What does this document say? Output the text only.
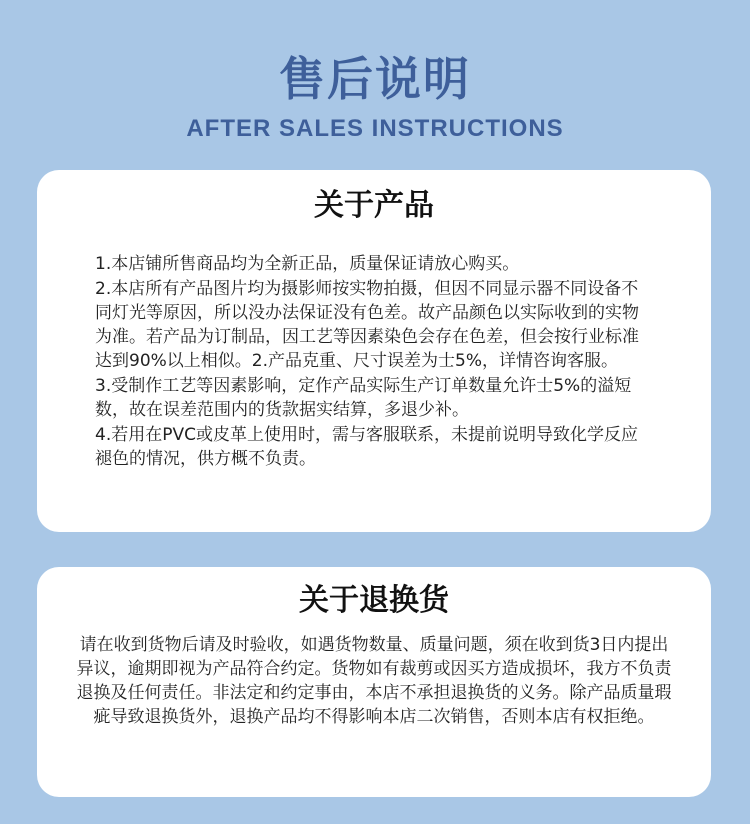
售后说明
AFTER SALES INSTRUCTIONS
关于产品

1.本店铺所售商品均为全新正品，质量保证请放心购买。

2.本店所有产品图片均为摄影师按实物拍摄，但因不同显示器不同设备不同灯光等原因，所以没办法保证没有色差。故产品颜色以实际收到的实物为准。若产品为订制品，因工艺等因素染色会存在色差，但会按行业标准达到90%以上相似。2.产品克重、尺寸误差为士5%，详情咨询客服。

3.受制作工艺等因素影响，定作产品实际生产订单数量允许士5%的溢短数，故在误差范围内的货款据实结算，多退少补。

4.若用在PVC或皮革上使用时，需与客服联系，未提前说明导致化学反应褪色的情况，供方概不负责。

关于退换货

请在收到货物后请及时验收，如遇货物数量、质量问题，须在收到货3日内提出异议，逾期即视为产品符合约定。货物如有裁剪或因买方造成损坏，我方不负责退换及任何责任。非法定和约定事由，本店不承担退换货的义务。除产品质量瑕疵导致退换货外，退换产品均不得影响本店二次销售，否则本店有权拒绝。
